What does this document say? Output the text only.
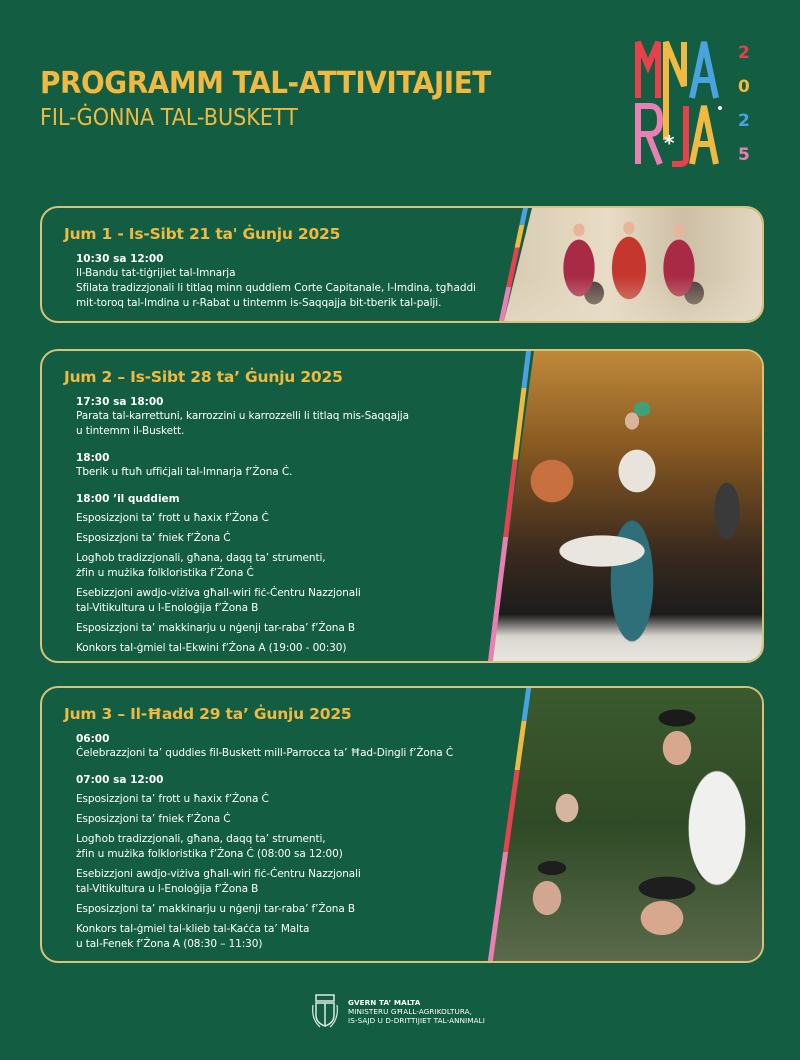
PROGRAMM TAL-ATTIVITAJIET
FIL-ĠONNA TAL-BUSKETT
*
2
0
2
5
Jum 1 - Is-Sibt 21 ta' Ġunju 2025
10:30 sa 12:00
Il-Bandu tat-tiġrijiet tal-Imnarja
Sfilata tradizzjonali li titlaq minn quddiem Corte Capitanale, l-Imdina, tgħaddi
mit-toroq tal-Imdina u r-Rabat u tintemm is-Saqqajja bit-tberik tal-palji.
Jum 2 – Is-Sibt 28 ta’ Ġunju 2025
17:30 sa 18:00
Parata tal-karrettuni, karrozzini u karrozzelli li titlaq mis-Saqqajja
u tintemm il-Buskett.
18:00
Tberik u ftuħ uffiċjali tal-Imnarja f’Żona Ċ.
18:00 ’il quddiem
Esposizzjoni ta’ frott u ħaxix f’Żona Ċ
Esposizzjoni ta’ fniek f’Żona Ċ
Logħob tradizzjonali, għana, daqq ta’ strumenti,
żfin u mużika folkloristika f’Żona Ċ
Esebizzjoni awdjo-viżiva għall-wiri fiċ-Ċentru Nazzjonali
tal-Vitikultura u l-Enoloġija f’Żona B
Esposizzjoni ta’ makkinarju u nġenji tar-raba’ f’Żona B
Konkors tal-ġmiel tal-Ekwini f’Żona A (19:00 - 00:30)
Jum 3 – Il-Ħadd 29 ta’ Ġunju 2025
06:00
Ċelebrazzjoni ta’ quddies fil-Buskett mill-Parrocca ta’ Ħad-Dingli f’Żona Ċ
07:00 sa 12:00
Esposizzjoni ta’ frott u ħaxix f’Żona Ċ
Esposizzjoni ta’ fniek f’Żona Ċ
Logħob tradizzjonali, għana, daqq ta’ strumenti,
żfin u mużika folkloristika f’Żona Ċ (08:00 sa 12:00)
Esebizzjoni awdjo-viżiva għall-wiri fiċ-Ċentru Nazzjonali
tal-Vitikultura u l-Enoloġija f’Żona B
Esposizzjoni ta’ makkinarju u nġenji tar-raba’ f’Żona B
Konkors tal-ġmiel tal-klieb tal-Kaċċa ta’ Malta
u tal-Fenek f’Żona A (08:30 – 11:30)
GVERN TA’ MALTA
MINISTERU GĦALL-AGRIKOLTURA,
IS-SAJD U D-DRITTIJIET TAL-ANNIMALI
